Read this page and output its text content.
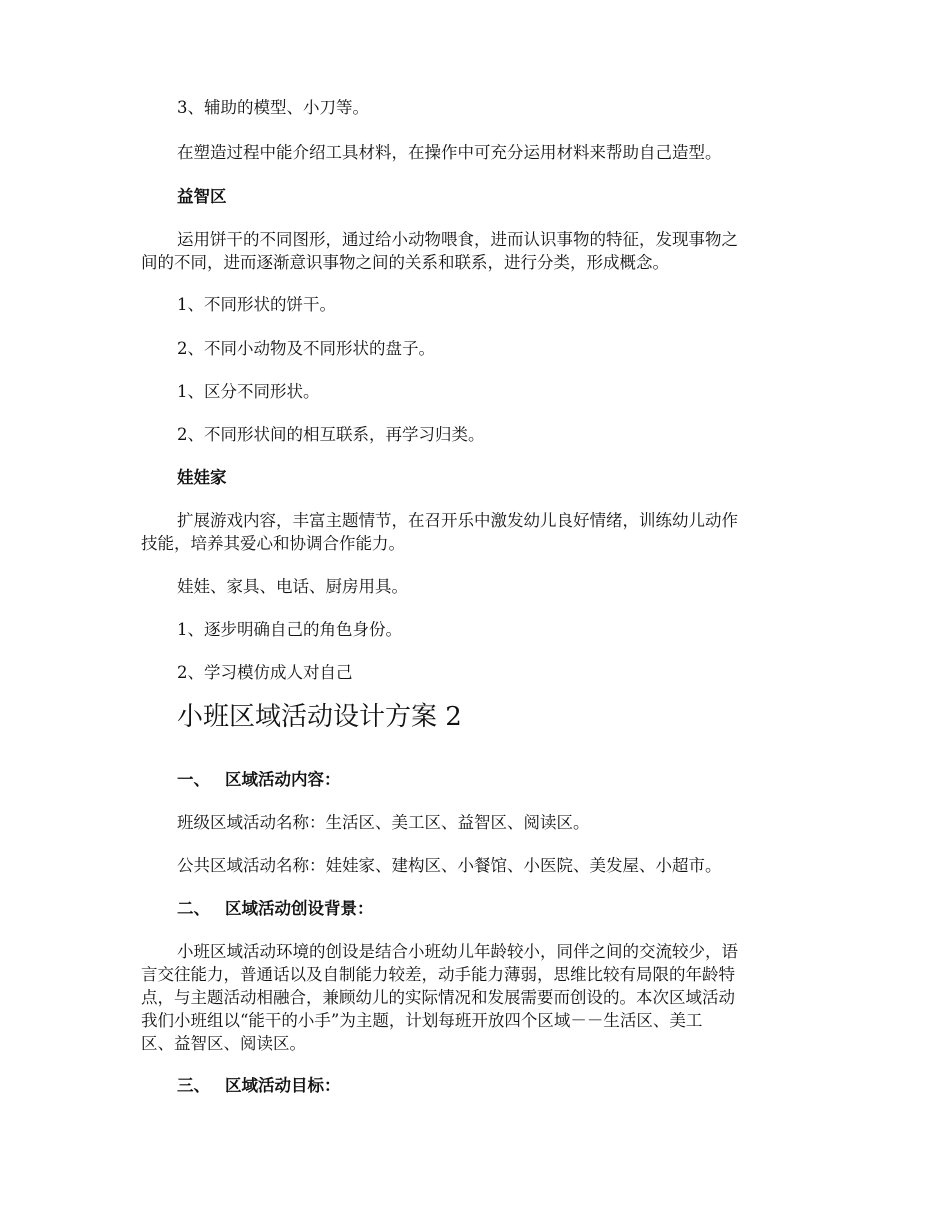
3、辅助的模型、小刀等。

在塑造过程中能介绍工具材料，在操作中可充分运用材料来帮助自己造型。

益智区

运用饼干的不同图形，通过给小动物喂食，进而认识事物的特征，发现事物之
间的不同，进而逐渐意识事物之间的关系和联系，进行分类，形成概念。

1、不同形状的饼干。

2、不同小动物及不同形状的盘子。

1、区分不同形状。

2、不同形状间的相互联系，再学习归类。

娃娃家

扩展游戏内容，丰富主题情节，在召开乐中激发幼儿良好情绪，训练幼儿动作
技能，培养其爱心和协调合作能力。

娃娃、家具、电话、厨房用具。

1、逐步明确自己的角色身份。

2、学习模仿成人对自己

小班区域活动设计方案 2

一、 区域活动内容：

班级区域活动名称：生活区、美工区、益智区、阅读区。

公共区域活动名称：娃娃家、建构区、小餐馆、小医院、美发屋、小超市。

二、 区域活动创设背景：

小班区域活动环境的创设是结合小班幼儿年龄较小，同伴之间的交流较少，语
言交往能力，普通话以及自制能力较差，动手能力薄弱，思维比较有局限的年龄特
点，与主题活动相融合，兼顾幼儿的实际情况和发展需要而创设的。本次区域活动
我们小班组以“能干的小手”为主题，计划每班开放四个区域－－生活区、美工
区、益智区、阅读区。

三、 区域活动目标：
